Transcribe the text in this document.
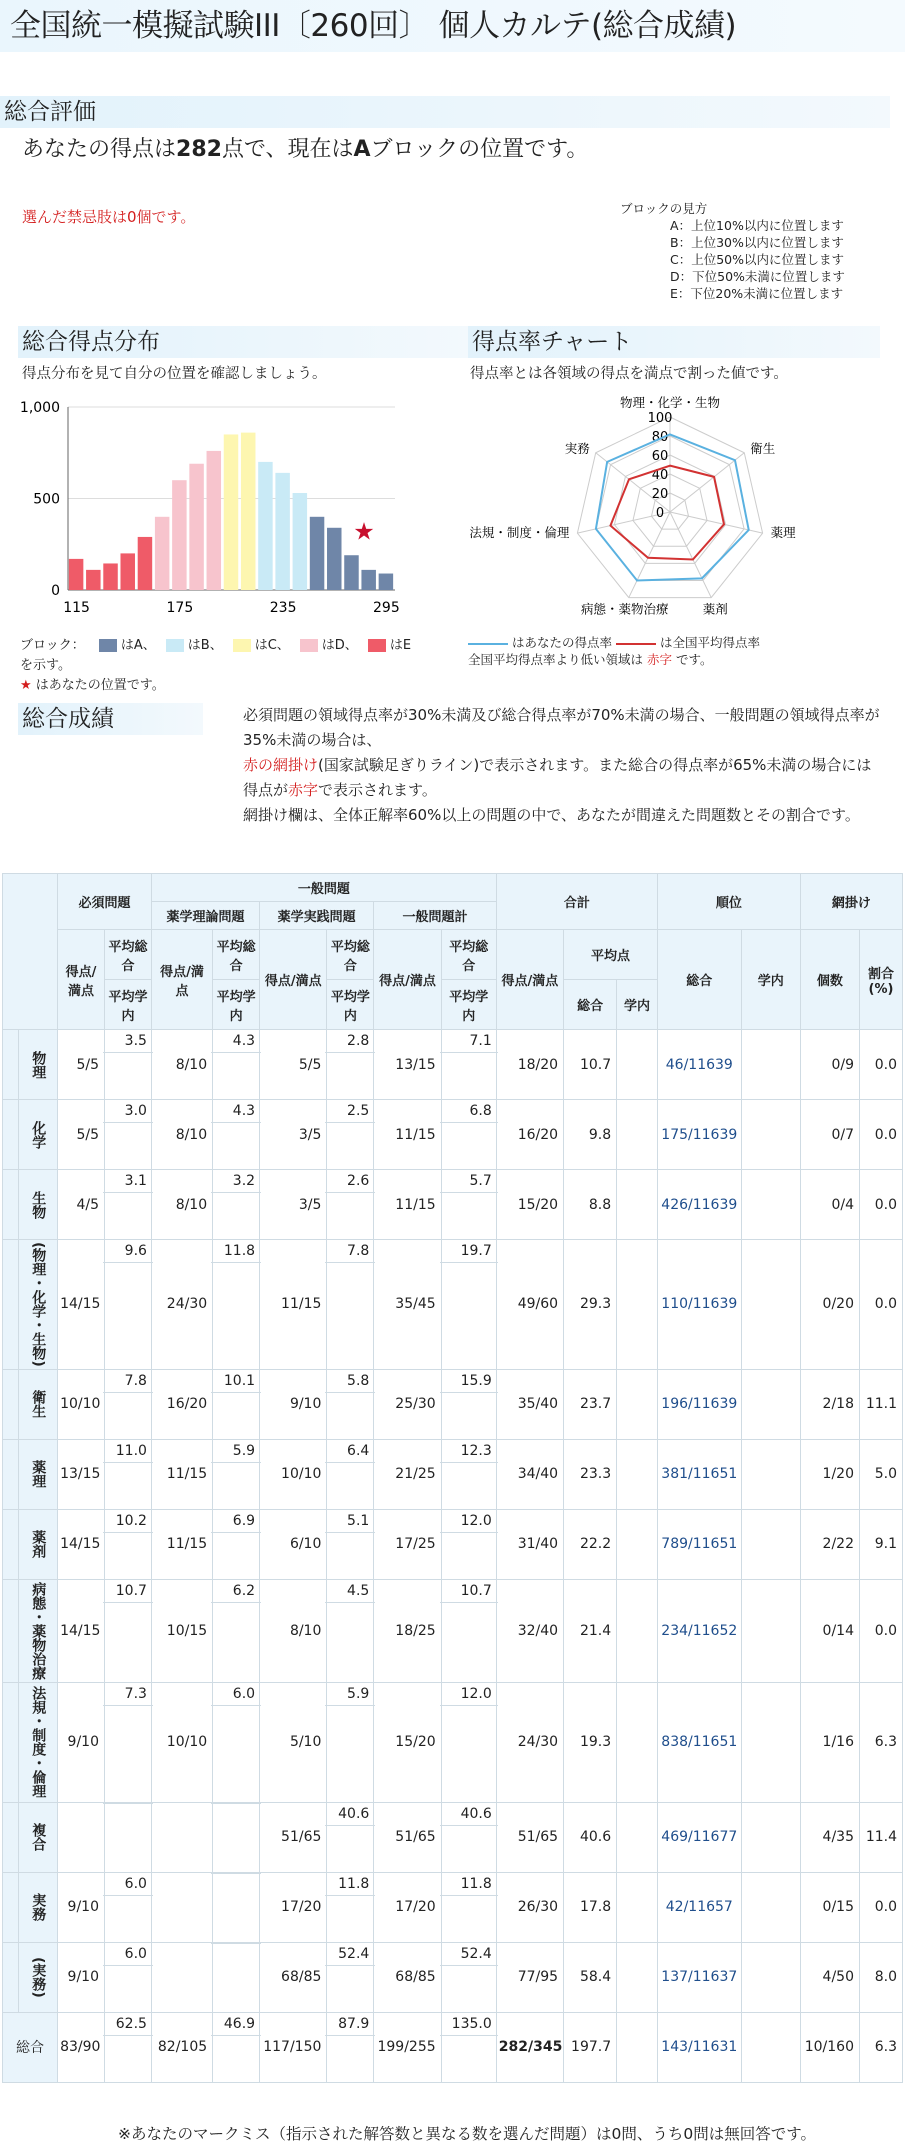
全国統一模擬試験III〔260回〕 個人カルテ(総合成績)
総合評価
あなたの得点は282点で、現在はAブロックの位置です。
選んだ禁忌肢は0個です。	ブロックの見方
A：上位10%以内に位置します
B：上位30%以内に位置します
C：上位50%以内に位置します
D：下位50%未満に位置します
E：下位20%未満に位置します
総合得点分布
得点分布を見て自分の位置を確認しましょう。
0
500
1,000
115	175	235	295
★
ブロック：	はA、 はB、 はC、 はD、 はE
を示す。
★ はあなたの位置です。
得点率チャート
得点率とは各領域の得点を満点で割った値です。
100
80
60
40
20
0
物理・化学・生物
衛生
薬理
薬剤
病態・薬物治療
法規・制度・倫理
実務
はあなたの得点率	は全国平均得点率
全国平均得点率より低い領域は 赤字 です。
総合成績	必須問題の領域得点率が30%未満及び総合得点率が70%未満の場合、一般問題の領域得点率が35%未満の場合は、
赤の網掛け(国家試験足ぎりライン)で表示されます。また総合の得点率が65%未満の場合には得点が赤字で表示されます。
網掛け欄は、全体正解率60%以上の問題の中で、あなたが間違えた問題数とその割合です。
		必須問題		一般問題						合計			順位		網掛け	
				薬学理論問題		薬学実践問題		一般問題計								
		得点/満点	平均総合	得点/満点	平均総合	得点/満点	平均総合	得点/満点	平均総合	得点/満点	平均点		総合	学内	個数	割合(%)
			平均学内		平均学内		平均学内		平均学内		総合	学内				
	物理	5/5	3.5	8/10	4.3	5/5	2.8	13/15	7.1	18/20	10.7		46/11639		0/9	0.0
	化学	5/5	3.0	8/10	4.3	3/5	2.5	11/15	6.8	16/20	9.8		175/11639		0/7	0.0
	生物	4/5	3.1	8/10	3.2	3/5	2.6	11/15	5.7	15/20	8.8		426/11639		0/4	0.0
	(物理・化学・生物)	14/15	9.6	24/30	11.8	11/15	7.8	35/45	19.7	49/60	29.3		110/11639		0/20	0.0
	衛生	10/10	7.8	16/20	10.1	9/10	5.8	25/30	15.9	35/40	23.7		196/11639		2/18	11.1
	薬理	13/15	11.0	11/15	5.9	10/10	6.4	21/25	12.3	34/40	23.3		381/11651		1/20	5.0
	薬剤	14/15	10.2	11/15	6.9	6/10	5.1	17/25	12.0	31/40	22.2		789/11651		2/22	9.1
	病態・薬物治療	14/15	10.7	10/15	6.2	8/10	4.5	18/25	10.7	32/40	21.4		234/11652		0/14	0.0
	法規・制度・倫理	9/10	7.3	10/10	6.0	5/10	5.9	15/20	12.0	24/30	19.3		838/11651		1/16	6.3
	複合					51/65	40.6	51/65	40.6	51/65	40.6		469/11677		4/35	11.4
	実務	9/10	6.0			17/20	11.8	17/20	11.8	26/30	17.8		42/11657		0/15	0.0
	(実務)	9/10	6.0			68/85	52.4	68/85	52.4	77/95	58.4		137/11637		4/50	8.0
総合		83/90	62.5	82/105	46.9	117/150	87.9	199/255	135.0	282/345	197.7		143/11631		10/160	6.3
※あなたのマークミス（指示された解答数と異なる数を選んだ問題）は0問、うち0問は無回答です。
